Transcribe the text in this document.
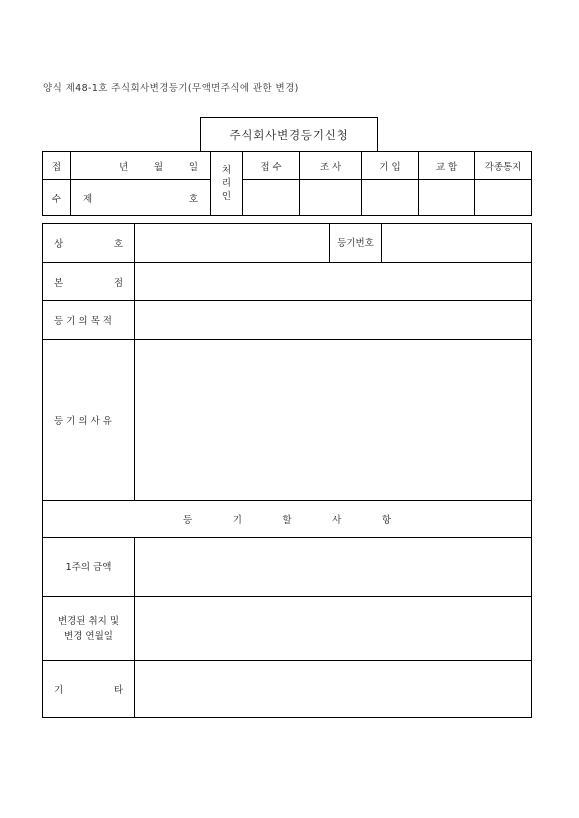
양식 제48-1호 주식회사변경등기(무액면주식에 관한 변경)
주식회사변경등기신청
접	년 월 일	처
리
인	접 수	조 사	기 입	교 합	각종통지
수	제 호						

상 호		등기번호	

본 점			

등 기 의 목 적			
등 기 의 사 유			

등 기 할 사 항			

1주의 금액			

변경된 취지 및
변경 연월일			

기 타			
